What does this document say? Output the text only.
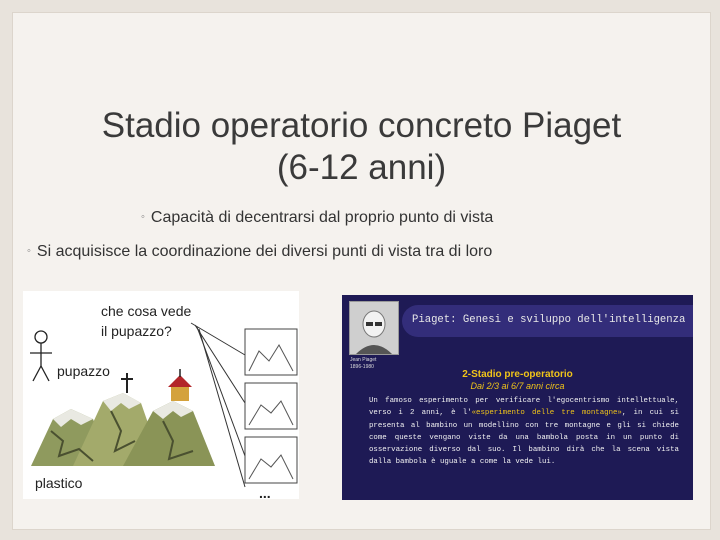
Stadio operatorio concreto Piaget
(6-12 anni)
◦ Capacità di decentrarsi dal proprio punto di vista
◦ Si acquisisce la coordinazione dei diversi punti di vista tra di loro
che cosa vede
il pupazzo?
pupazzo
plastico
...
Piaget: Genesi e sviluppo dell'intelligenza
Jean Piaget
1896-1980
2-Stadio pre-operatorio
Dai 2/3 ai 6/7 anni circa
Un famoso esperimento per verificare l'egocentrismo intellettuale, verso i 2 anni, è l'«esperimento delle tre montagne», in cui si presenta al bambino un modellino con tre montagne e gli si chiede come queste vengano viste da una bambola posta in un punto di osservazione diverso dal suo. Il bambino dirà che la scena vista dalla bambola è uguale a come la vede lui.
